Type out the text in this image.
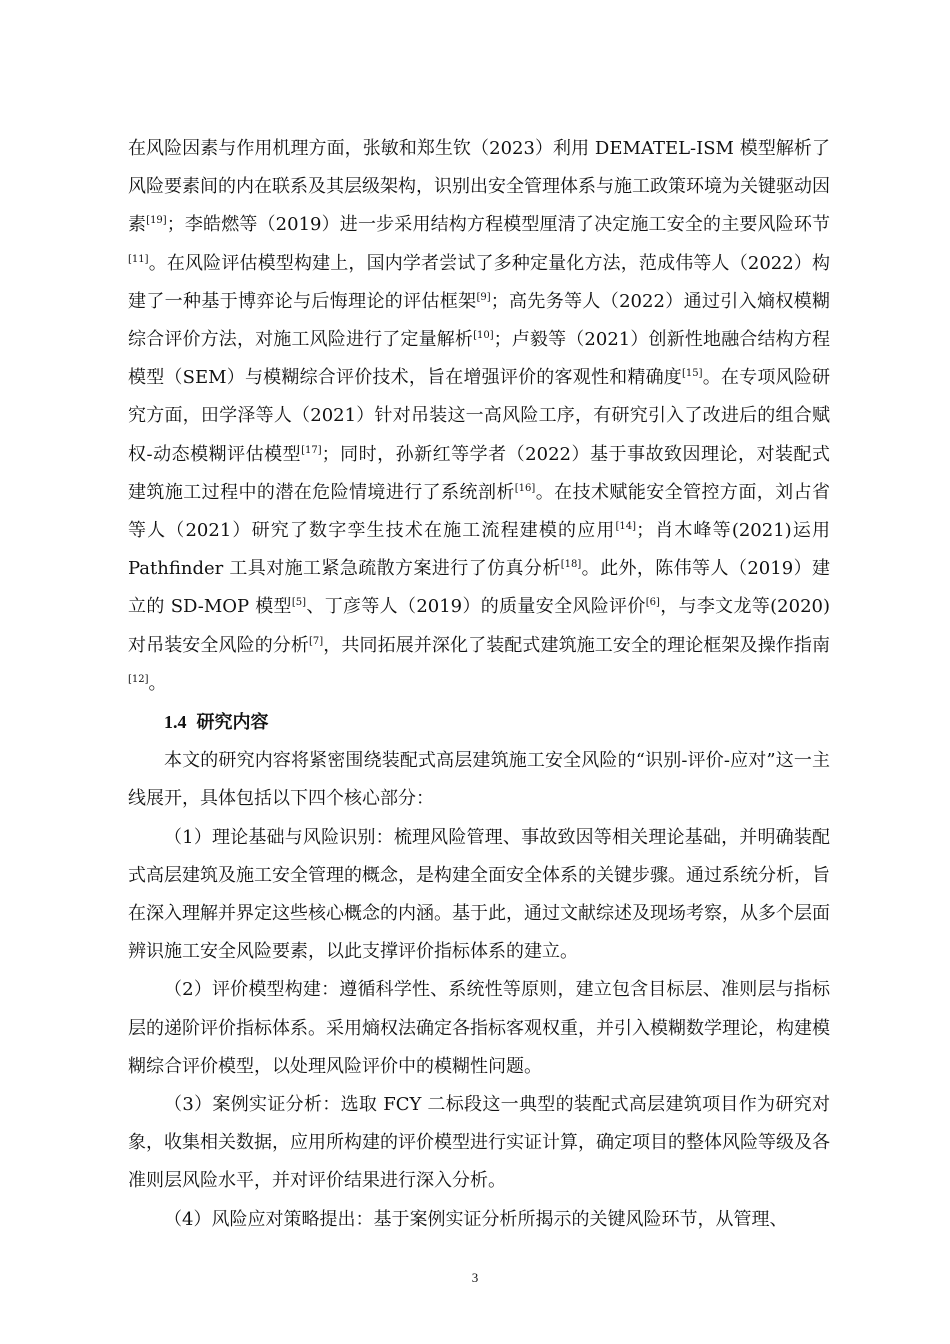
在风险因素与作用机理方面，张敏和郑生钦（2023）利用 DEMATEL-ISM 模型解析了风险要素间的内在联系及其层级架构，识别出安全管理体系与施工政策环境为关键驱动因素[19]；李皓燃等（2019）进一步采用结构方程模型厘清了决定施工安全的主要风险环节[11]。在风险评估模型构建上，国内学者尝试了多种定量化方法，范成伟等人（2022）构建了一种基于博弈论与后悔理论的评估框架[9]；高先务等人（2022）通过引入熵权模糊综合评价方法，对施工风险进行了定量解析[10]；卢毅等（2021）创新性地融合结构方程模型（SEM）与模糊综合评价技术，旨在增强评价的客观性和精确度[15]。在专项风险研究方面，田学泽等人（2021）针对吊装这一高风险工序，有研究引入了改进后的组合赋权-动态模糊评估模型[17]；同时，孙新红等学者（2022）基于事故致因理论，对装配式建筑施工过程中的潜在危险情境进行了系统剖析[16]。在技术赋能安全管控方面，刘占省等人（2021）研究了数字孪生技术在施工流程建模的应用[14]；肖木峰等(2021)运用 Pathfinder 工具对施工紧急疏散方案进行了仿真分析[18]。此外，陈伟等人（2019）建立的 SD-MOP 模型[5]、丁彦等人（2019）的质量安全风险评价[6]，与李文龙等(2020)对吊装安全风险的分析[7]，共同拓展并深化了装配式建筑施工安全的理论框架及操作指南[12]。

1.4 研究内容

本文的研究内容将紧密围绕装配式高层建筑施工安全风险的“识别-评价-应对”这一主线展开，具体包括以下四个核心部分：

（1）理论基础与风险识别：梳理风险管理、事故致因等相关理论基础，并明确装配式高层建筑及施工安全管理的概念，是构建全面安全体系的关键步骤。通过系统分析，旨在深入理解并界定这些核心概念的内涵。基于此，通过文献综述及现场考察，从多个层面辨识施工安全风险要素，以此支撑评价指标体系的建立。

（2）评价模型构建：遵循科学性、系统性等原则，建立包含目标层、准则层与指标层的递阶评价指标体系。采用熵权法确定各指标客观权重，并引入模糊数学理论，构建模糊综合评价模型，以处理风险评价中的模糊性问题。

（3）案例实证分析：选取 FCY 二标段这一典型的装配式高层建筑项目作为研究对象，收集相关数据，应用所构建的评价模型进行实证计算，确定项目的整体风险等级及各准则层风险水平，并对评价结果进行深入分析。

（4）风险应对策略提出：基于案例实证分析所揭示的关键风险环节，从管理、

3
